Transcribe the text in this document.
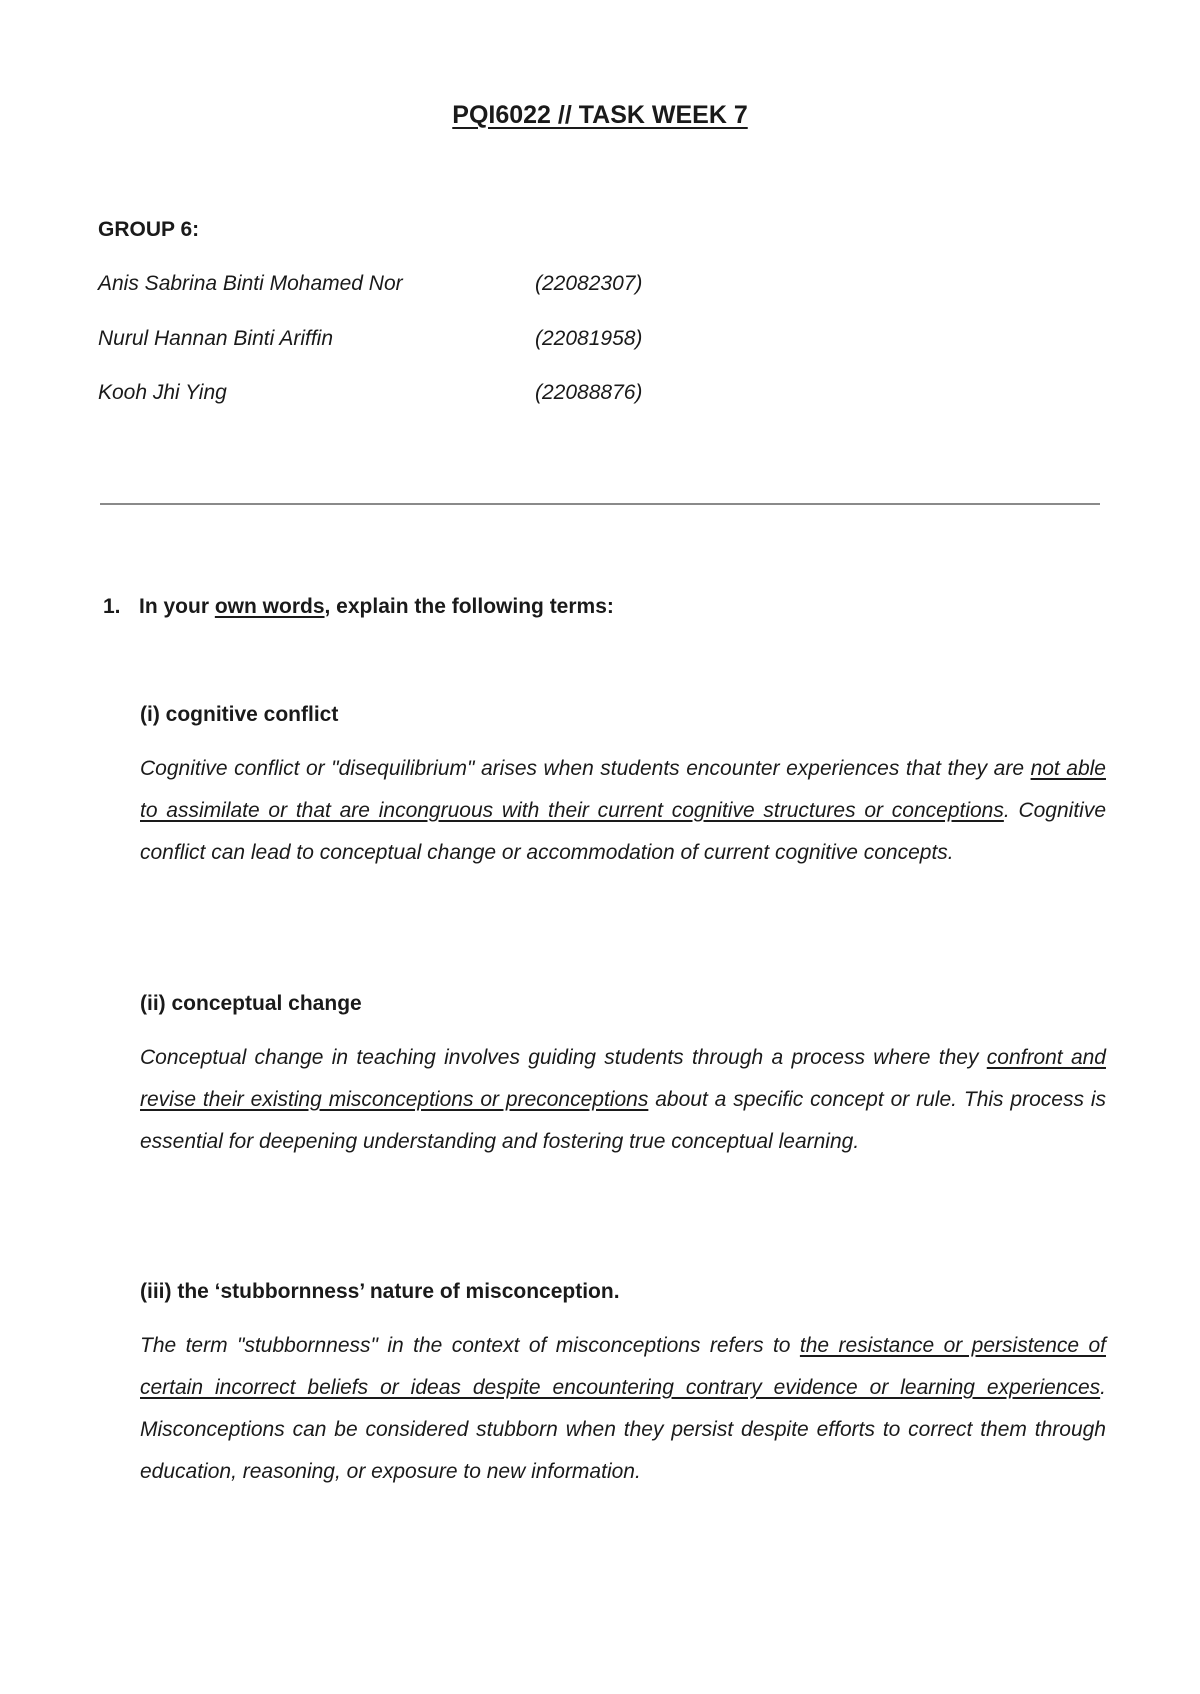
PQI6022 // TASK WEEK 7
GROUP 6:
Anis Sabrina Binti Mohamed Nor	(22082307)
Nurul Hannan Binti Ariffin	(22081958)
Kooh Jhi Ying	(22088876)
1. In your own words, explain the following terms:
(i) cognitive conflict
Cognitive conflict or "disequilibrium" arises when students encounter experiences that they are not able to assimilate or that are incongruous with their current cognitive structures or conceptions. Cognitive conflict can lead to conceptual change or accommodation of current cognitive concepts.
(ii) conceptual change
Conceptual change in teaching involves guiding students through a process where they confront and revise their existing misconceptions or preconceptions about a specific concept or rule. This process is essential for deepening understanding and fostering true conceptual learning.
(iii) the ‘stubbornness’ nature of misconception.
The term "stubbornness" in the context of misconceptions refers to the resistance or persistence of certain incorrect beliefs or ideas despite encountering contrary evidence or learning experiences. Misconceptions can be considered stubborn when they persist despite efforts to correct them through education, reasoning, or exposure to new information.
